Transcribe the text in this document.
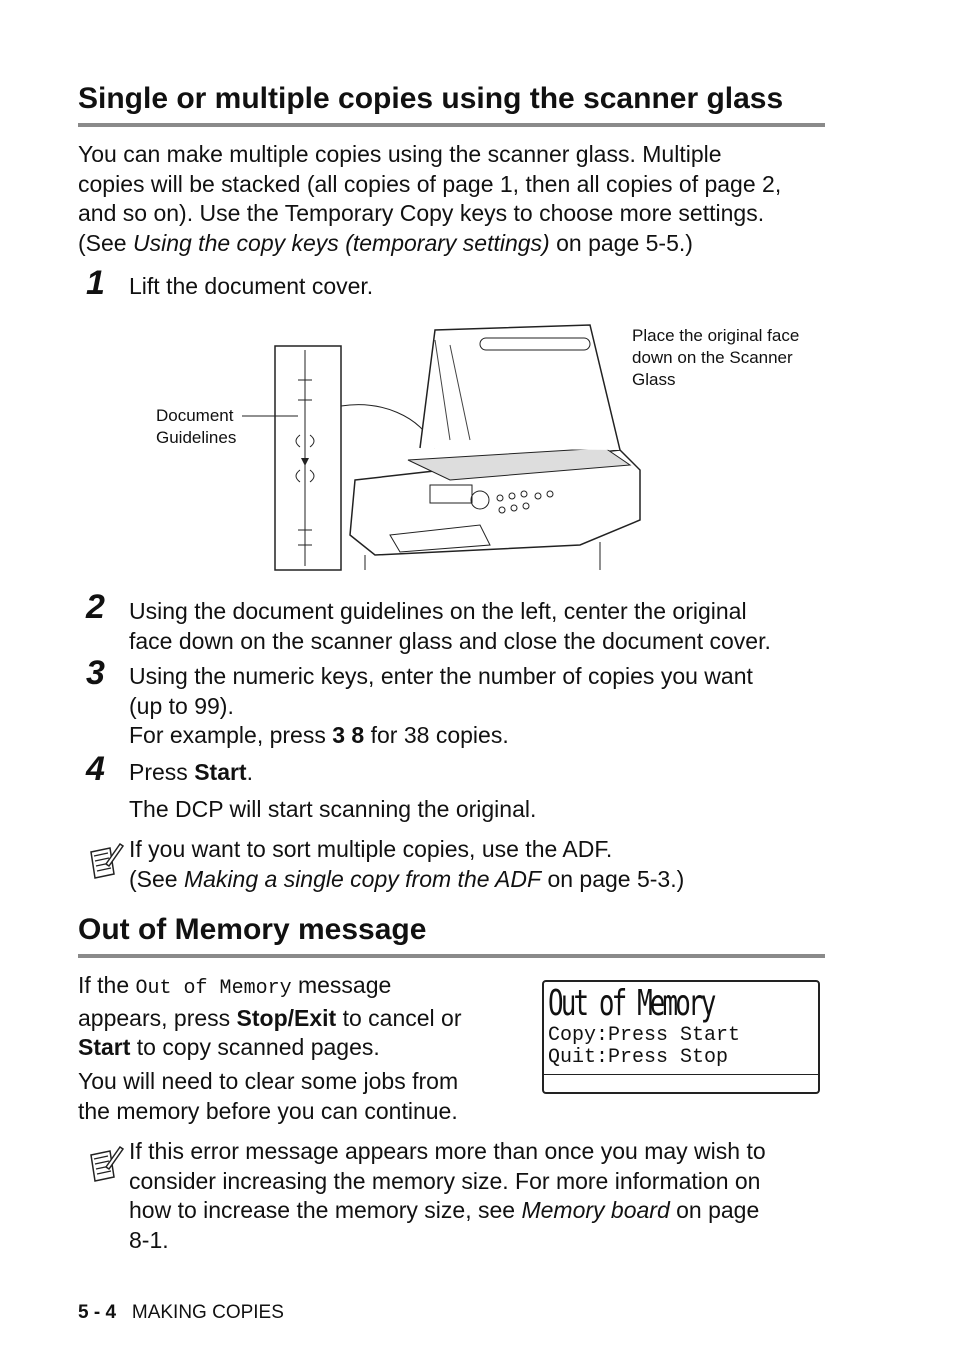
Single or multiple copies using the scanner glass
You can make multiple copies using the scanner glass. Multiple
copies will be stacked (all copies of page 1, then all copies of page 2,
and so on). Use the Temporary Copy keys to choose more settings.
(See Using the copy keys (temporary settings) on page 5-5.)
1 Lift the document cover.
Place the original face
down on the Scanner
Glass
Document
Guidelines
2 Using the document guidelines on the left, center the original
face down on the scanner glass and close the document cover.
3 Using the numeric keys, enter the number of copies you want
(up to 99).
For example, press 3 8 for 38 copies.
4 Press Start.
The DCP will start scanning the original.
If you want to sort multiple copies, use the ADF.
(See Making a single copy from the ADF on page 5-3.)
Out of Memory message
If the Out of Memory message
appears, press Stop/Exit to cancel or
Start to copy scanned pages.
You will need to clear some jobs from
the memory before you can continue.
Out of Memory
Copy:Press Start
Quit:Press Stop
If this error message appears more than once you may wish to
consider increasing the memory size. For more information on
how to increase the memory size, see Memory board on page
8-1.
5 - 4 MAKING COPIES
